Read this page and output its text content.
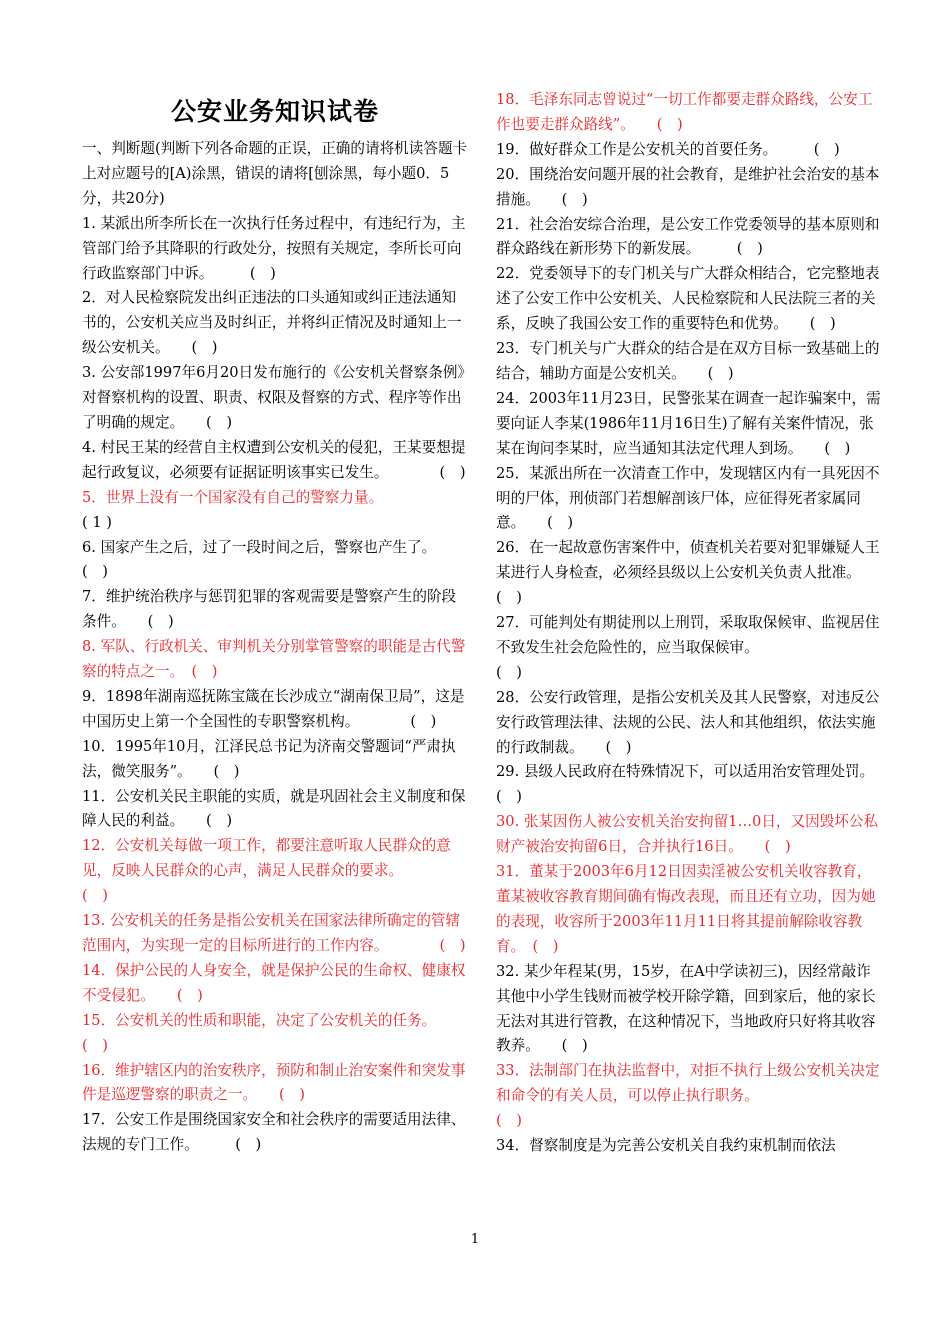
公安业务知识试卷

一、判断题(判断下列各命题的正误，正确的请将机读答题卡上对应题号的[A)涂黑，错误的请将[刨涂黑，每小题0．5分，共20分)

1. 某派出所李所长在一次执行任务过程中，有违纪行为，主管部门给予其降职的行政处分，按照有关规定，李所长可向行政监察部门中诉。　　　(　)

2．对人民检察院发出纠正违法的口头通知或纠正违法通知书的，公安机关应当及时纠正，并将纠正情况及时通知上一级公安机关。　　(　)

3. 公安部1997年6月20日发布施行的《公安机关督察条例》对督察机构的设置、职责、权限及督察的方式、程序等作出了明确的规定。　　(　)

4. 村民王某的经营自主权遭到公安机关的侵犯，王某要想提起行政复议，必须要有证据证明该事实已发生。　　　　(　)

5．世界上没有一个国家没有自己的警察力量。

( 1 )

6. 国家产生之后，过了一段时间之后，警察也产生了。　　　　(　)

7．维护统治秩序与惩罚犯罪的客观需要是警察产生的阶段条件。　　(　)

8. 军队、行政机关、审判机关分别掌管警察的职能是古代警察的特点之一。　(　)

9．1898年湖南巡抚陈宝箴在长沙成立“湖南保卫局”，这是中国历史上第一个全国性的专职警察机构。　　　　(　)

10．1995年10月，江泽民总书记为济南交警题词“严肃执法，微笑服务”。　　(　)

11．公安机关民主职能的实质，就是巩固社会主义制度和保障人民的利益。　　(　)

12．公安机关每做一项工作，都要注意听取人民群众的意见，反映人民群众的心声，满足人民群众的要求。　　　　(　)

13. 公安机关的任务是指公安机关在国家法律所确定的管辖范围内，为实现一定的目标所进行的工作内容。　　　　(　)

14．保护公民的人身安全，就是保护公民的生命权、健康权不受侵犯。　　(　)

15．公安机关的性质和职能，决定了公安机关的任务。　　　　(　)

16．维护辖区内的治安秩序，预防和制止治安案件和突发事件是巡逻警察的职责之一。　　(　)

17．公安工作是围绕国家安全和社会秩序的需要适用法律、法规的专门工作。　　　(　)

18．毛泽东同志曾说过“一切工作都要走群众路线，公安工作也要走群众路线”。　　(　)

19．做好群众工作是公安机关的首要任务。　　　(　)

20．围绕治安问题开展的社会教育，是维护社会治安的基本措施。　　(　)

21．社会治安综合治理，是公安工作党委领导的基本原则和群众路线在新形势下的新发展。　　　(　)

22．党委领导下的专门机关与广大群众相结合，它完整地表述了公安工作中公安机关、人民检察院和人民法院三者的关系，反映了我国公安工作的重要特色和优势。　　(　)

23．专门机关与广大群众的结合是在双方目标一致基础上的结合，辅助方面是公安机关。　　(　)

24．2003年11月23日，民警张某在调查一起诈骗案中，需要向证人李某(1986年11月16日生)了解有关案件情况，张某在询问李某时，应当通知其法定代理人到场。　　(　)

25．某派出所在一次清查工作中，发现辖区内有一具死因不明的尸体，刑侦部门若想解剖该尸体，应征得死者家属同意。　　(　)

26．在一起故意伤害案件中，侦查机关若要对犯罪嫌疑人王某进行人身检查，必须经县级以上公安机关负责人批准。(　)

27．可能判处有期徒刑以上刑罚，采取取保候审、监视居住不致发生社会危险性的，应当取保候审。

(　)

28．公安行政管理，是指公安机关及其人民警察，对违反公安行政管理法律、法规的公民、法人和其他组织，依法实施的行政制裁。　　(　)

29. 县级人民政府在特殊情况下，可以适用治安管理处罚。　　(　)

30. 张某因伤人被公安机关治安拘留1…0日，又因毁坏公私财产被治安拘留6日，合并执行16日。　　(　)

31．董某于2003年6月12日因卖淫被公安机关收容教育，董某被收容教育期间确有悔改表现，而且还有立功，因为她的表现，收容所于2003年11月11日将其提前解除收容教育。　(　)

32. 某少年程某(男，15岁，在A中学读初三)，因经常敲诈其他中小学生钱财而被学校开除学籍，回到家后，他的家长无法对其进行管教，在这种情况下，当地政府只好将其收容教养。　　(　)

33．法制部门在执法监督中，对拒不执行上级公安机关决定和命令的有关人员，可以停止执行职务。

(　)

34．督察制度是为完善公安机关自我约束机制而依法

1
